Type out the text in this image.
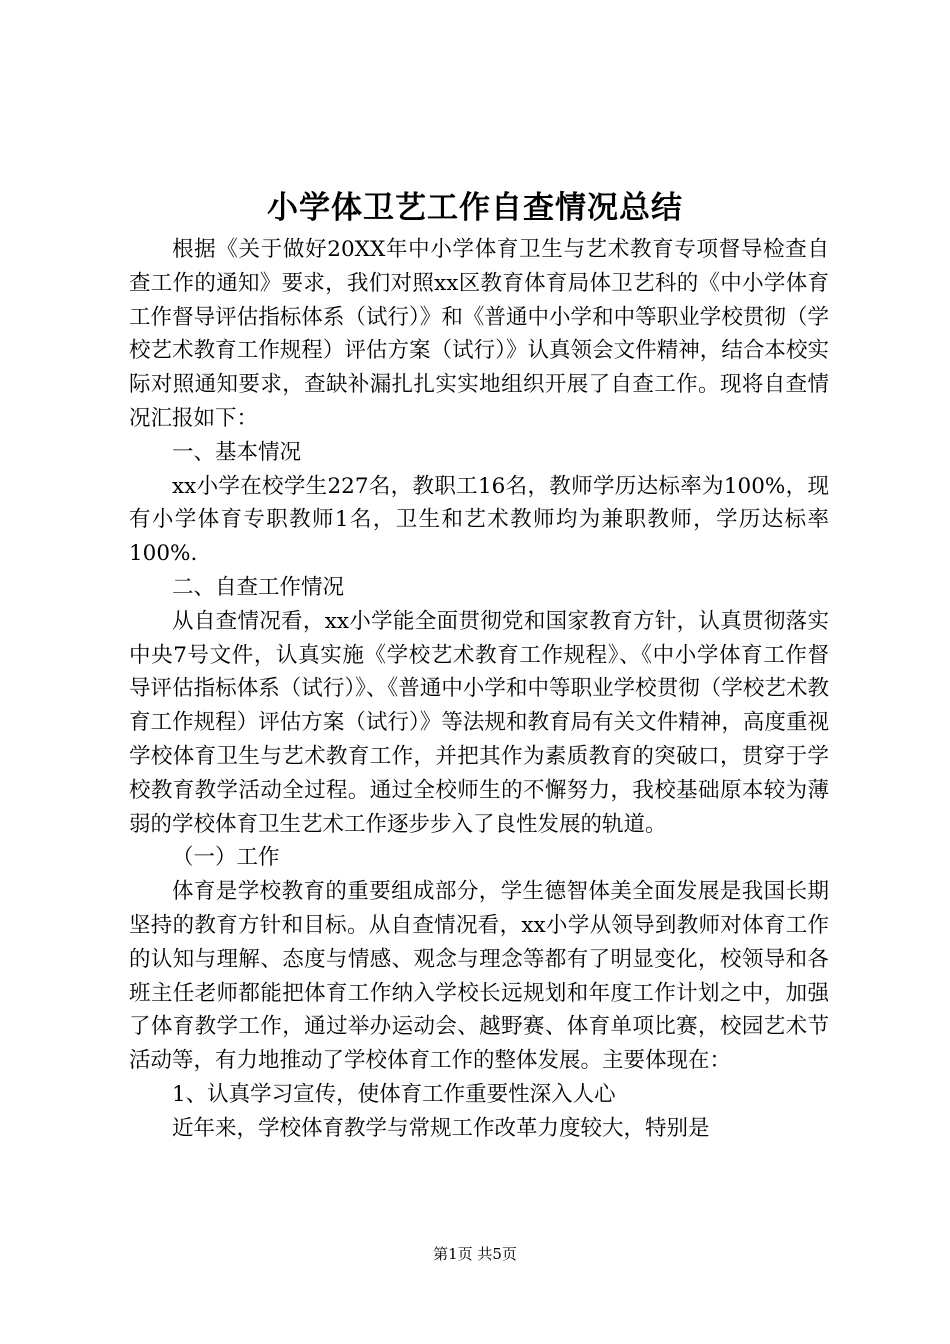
小学体卫艺工作自查情况总结

根据《关于做好20XX年中小学体育卫生与艺术教育专项督导检查自查工作的通知》要求，我们对照xx区教育体育局体卫艺科的《中小学体育工作督导评估指标体系（试行）》和《普通中小学和中等职业学校贯彻（学校艺术教育工作规程）评估方案（试行）》认真领会文件精神，结合本校实际对照通知要求，查缺补漏扎扎实实地组织开展了自查工作。现将自查情况汇报如下：

一、基本情况

xx小学在校学生227名，教职工16名，教师学历达标率为100%，现有小学体育专职教师1名，卫生和艺术教师均为兼职教师，学历达标率100%.

二、自查工作情况

从自查情况看，xx小学能全面贯彻党和国家教育方针，认真贯彻落实中央7号文件，认真实施《学校艺术教育工作规程》、《中小学体育工作督导评估指标体系（试行）》、《普通中小学和中等职业学校贯彻（学校艺术教育工作规程）评估方案（试行）》等法规和教育局有关文件精神，高度重视学校体育卫生与艺术教育工作，并把其作为素质教育的突破口，贯穿于学校教育教学活动全过程。通过全校师生的不懈努力，我校基础原本较为薄弱的学校体育卫生艺术工作逐步步入了良性发展的轨道。

（一）工作

体育是学校教育的重要组成部分，学生德智体美全面发展是我国长期坚持的教育方针和目标。从自查情况看，xx小学从领导到教师对体育工作的认知与理解、态度与情感、观念与理念等都有了明显变化，校领导和各班主任老师都能把体育工作纳入学校长远规划和年度工作计划之中，加强了体育教学工作，通过举办运动会、越野赛、体育单项比赛，校园艺术节活动等，有力地推动了学校体育工作的整体发展。主要体现在：

1、认真学习宣传，使体育工作重要性深入人心

近年来，学校体育教学与常规工作改革力度较大，特别是

第1页 共5页
